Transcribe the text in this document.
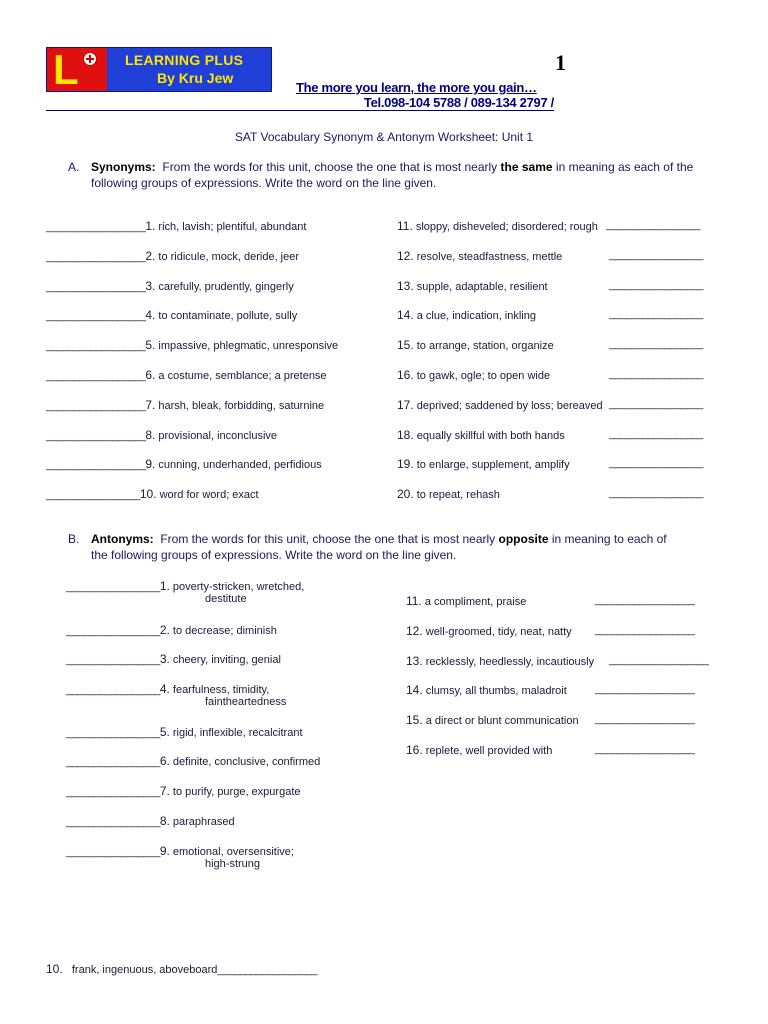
L	LEARNING PLUS
By Kru Jew
1
The more you learn, the more you gain…
Tel.098-104 5788 / 089-134 2797 /
SAT Vocabulary Synonym & Antonym Worksheet: Unit 1
A. Synonyms: From the words for this unit, choose the one that is most nearly the same in meaning as each of the
following groups of expressions. Write the word on the line given.
__________________1. rich, lavish; plentiful, abundant
__________________2. to ridicule, mock, deride, jeer
__________________3. carefully, prudently, gingerly
__________________4. to contaminate, pollute, sully
__________________5. impassive, phlegmatic, unresponsive
__________________6. a costume, semblance; a pretense
__________________7. harsh, bleak, forbidding, saturnine
__________________8. provisional, inconclusive
__________________9. cunning, underhanded, perfidious
_________________10. word for word; exact
11. sloppy, disheveled; disordered; rough _________________
12. resolve, steadfastness, mettle	_________________
13. supple, adaptable, resilient	_________________
14. a clue, indication, inkling	_________________
15. to arrange, station, organize	_________________
16. to gawk, ogle; to open wide	_________________
17. deprived; saddened by loss; bereaved _________________
18. equally skillful with both hands	_________________
19. to enlarge, supplement, amplify	_________________
20. to repeat, rehash	_________________
B. Antonyms: From the words for this unit, choose the one that is most nearly opposite in meaning to each of
the following groups of expressions. Write the word on the line given.
_________________1. poverty-stricken, wretched,
destitute
_________________2. to decrease; diminish
_________________3. cheery, inviting, genial
_________________4. fearfulness, timidity,
faintheartedness
_________________5. rigid, inflexible, recalcitrant
_________________6. definite, conclusive, confirmed
_________________7. to purify, purge, expurgate
_________________8. paraphrased
_________________9. emotional, oversensitive;
high-strung
11. a compliment, praise	__________________
12. well-groomed, tidy, neat, natty __________________
13. recklessly, heedlessly, incautiously __________________
14. clumsy, all thumbs, maladroit	__________________
15. a direct or blunt communication __________________
16. replete, well provided with	__________________
10. frank, ingenuous, aboveboard__________________
